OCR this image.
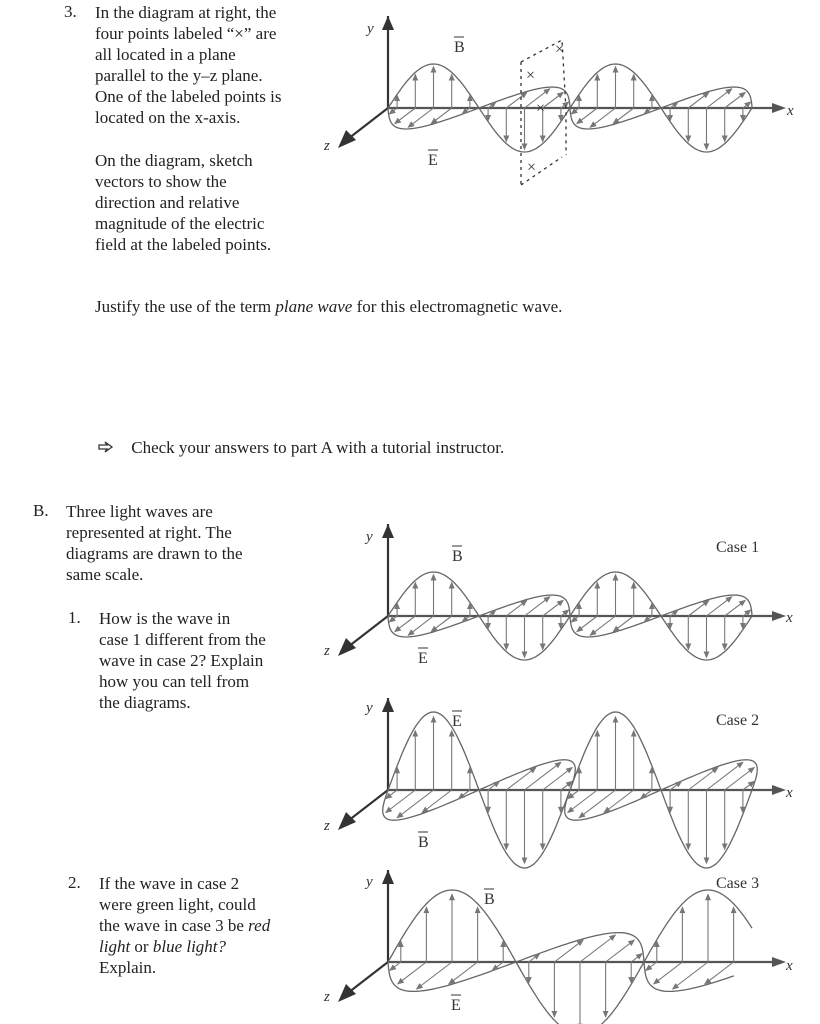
3. In the diagram at right, the
four points labeled “×” are
all located in a plane
parallel to the y–z plane.
One of the labeled points is
located on the x-axis.
On the diagram, sketch
vectors to show the
direction and relative
magnitude of the electric
field at the labeled points.
Justify the use of the term plane wave for this electromagnetic wave.
Check your answers to part A with a tutorial instructor.
B. Three light waves are
represented at right. The
diagrams are drawn to the
same scale.
1. How is the wave in
case 1 different from the
wave in case 2? Explain
how you can tell from
the diagrams.
2. If the wave in case 2
were green light, could
the wave in case 3 be red
light or blue light?
Explain.
Case 1
Case 2
Case 3
×
×
×
×
y
z
x
B
E
y
z
x
B
E
y
z
x
E
B
y
z
x
B
E
